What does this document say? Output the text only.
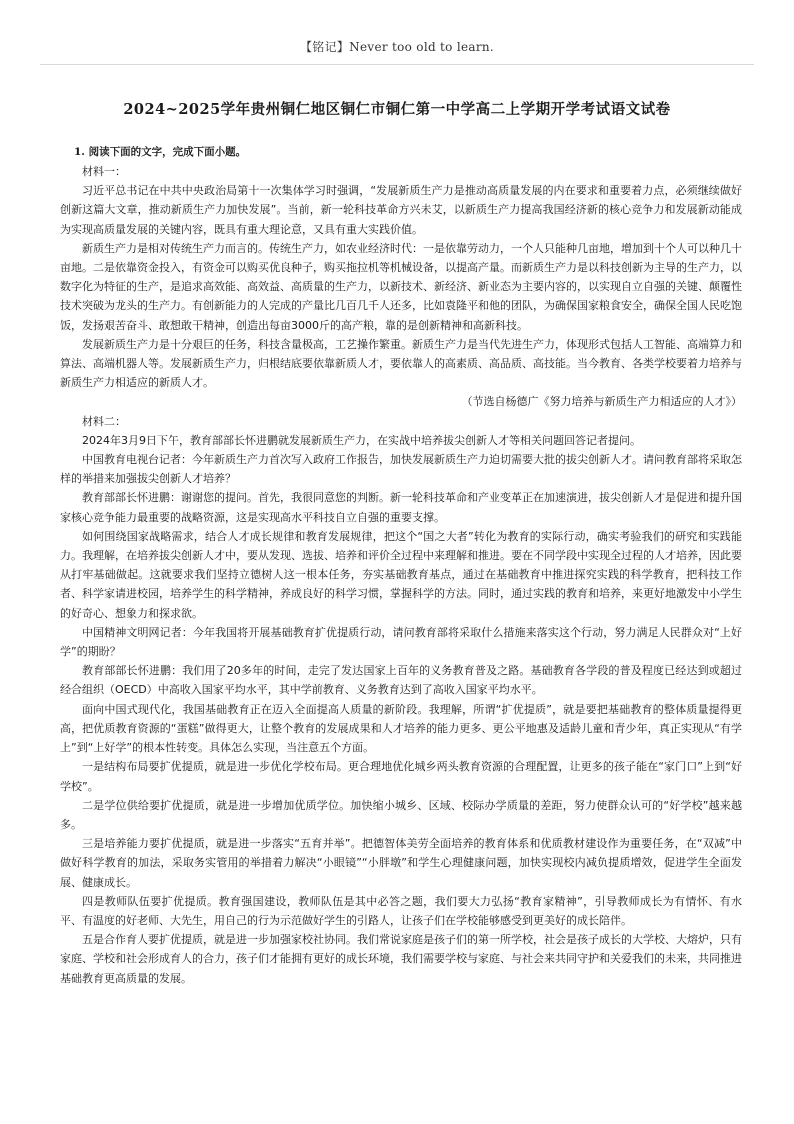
【铭记】Never too old to learn.
2024~2025学年贵州铜仁地区铜仁市铜仁第一中学高二上学期开学考试语文试卷
1. 阅读下面的文字，完成下面小题。

材料一：

习近平总书记在中共中央政治局第十一次集体学习时强调，“发展新质生产力是推动高质量发展的内在要求和重要着力点，必须继续做好创新这篇大文章，推动新质生产力加快发展”。当前，新一轮科技革命方兴未艾，以新质生产力提高我国经济新的核心竞争力和发展新动能成为实现高质量发展的关键内容，既具有重大理论意，又具有重大实践价值。

新质生产力是相对传统生产力而言的。传统生产力，如农业经济时代：一是依靠劳动力，一个人只能种几亩地，增加到十个人可以种几十亩地。二是依靠资金投入，有资金可以购买优良种子，购买拖拉机等机械设备，以提高产量。而新质生产力是以科技创新为主导的生产力，以数字化为特征的生产，是追求高效能、高效益、高质量的生产力，以新技术、新经济、新业态为主要内容的，以实现自立自强的关键、颠覆性技术突破为龙头的生产力。有创新能力的人完成的产量比几百几千人还多，比如袁隆平和他的团队，为确保国家粮食安全，确保全国人民吃饱饭，发扬艰苦奋斗、敢想敢干精神，创造出每亩3000斤的高产粮，靠的是创新精神和高新科技。

发展新质生产力是十分艰巨的任务，科技含量极高，工艺操作繁重。新质生产力是当代先进生产力，体现形式包括人工智能、高端算力和算法、高端机器人等。发展新质生产力，归根结底要依靠新质人才，要依靠人的高素质、高品质、高技能。当今教育、各类学校要着力培养与新质生产力相适应的新质人才。

（节选自杨德广《努力培养与新质生产力相适应的人才》）

材料二：

2024年3月9日下午，教育部部长怀进鹏就发展新质生产力，在实战中培养拔尖创新人才等相关问题回答记者提问。

中国教育电视台记者：今年新质生产力首次写入政府工作报告，加快发展新质生产力迫切需要大批的拔尖创新人才。请问教育部将采取怎样的举措来加强拔尖创新人才培养？

教育部部长怀进鹏：谢谢您的提问。首先，我很同意您的判断。新一轮科技革命和产业变革正在加速演进，拔尖创新人才是促进和提升国家核心竞争能力最重要的战略资源，这是实现高水平科技自立自强的重要支撑。

如何围绕国家战略需求，结合人才成长规律和教育发展规律，把这个“国之大者”转化为教育的实际行动，确实考验我们的研究和实践能力。我理解，在培养拔尖创新人才中，要从发现、选拔、培养和评价全过程中来理解和推进。要在不同学段中实现全过程的人才培养，因此要从打牢基础做起。这就要求我们坚持立德树人这一根本任务，夯实基础教育基点，通过在基础教育中推进探究实践的科学教育，把科技工作者、科学家请进校园，培养学生的科学精神，养成良好的科学习惯，掌握科学的方法。同时，通过实践的教育和培养，来更好地激发中小学生的好奇心、想象力和探求欲。

中国精神文明网记者：今年我国将开展基础教育扩优提质行动，请问教育部将采取什么措施来落实这个行动，努力满足人民群众对“上好学”的期盼？

教育部部长怀进鹏：我们用了20多年的时间，走完了发达国家上百年的义务教育普及之路。基础教育各学段的普及程度已经达到或超过经合组织（OECD）中高收入国家平均水平，其中学前教育、义务教育达到了高收入国家平均水平。

面向中国式现代化，我国基础教育正在迈入全面提高人质量的新阶段。我理解，所谓“扩优提质”，就是要把基础教育的整体质量提得更高，把优质教育资源的“蛋糕”做得更大，让整个教育的发展成果和人才培养的能力更多、更公平地惠及适龄儿童和青少年，真正实现从“有学上”到“上好学”的根本性转变。具体怎么实现，当注意五个方面。

一是结构布局要扩优提质，就是进一步优化学校布局。更合理地优化城乡两头教育资源的合理配置，让更多的孩子能在“家门口”上到“好学校”。

二是学位供给要扩优提质，就是进一步增加优质学位。加快缩小城乡、区域、校际办学质量的差距，努力使群众认可的“好学校”越来越多。

三是培养能力要扩优提质，就是进一步落实“五育并举”。把德智体美劳全面培养的教育体系和优质教材建设作为重要任务，在“双减”中做好科学教育的加法，采取务实管用的举措着力解决“小眼镜”“小胖墩”和学生心理健康问题，加快实现校内减负提质增效，促进学生全面发展、健康成长。

四是教师队伍要扩优提质。教育强国建设，教师队伍是其中必答之题，我们要大力弘扬“教育家精神”，引导教师成长为有情怀、有水平、有温度的好老师、大先生，用自己的行为示范做好学生的引路人，让孩子们在学校能够感受到更美好的成长陪伴。

五是合作育人要扩优提质，就是进一步加强家校社协同。我们常说家庭是孩子们的第一所学校，社会是孩子成长的大学校、大熔炉，只有家庭、学校和社会形成育人的合力，孩子们才能拥有更好的成长环境，我们需要学校与家庭、与社会来共同守护和关爱我们的未来，共同推进基础教育更高质量的发展。
